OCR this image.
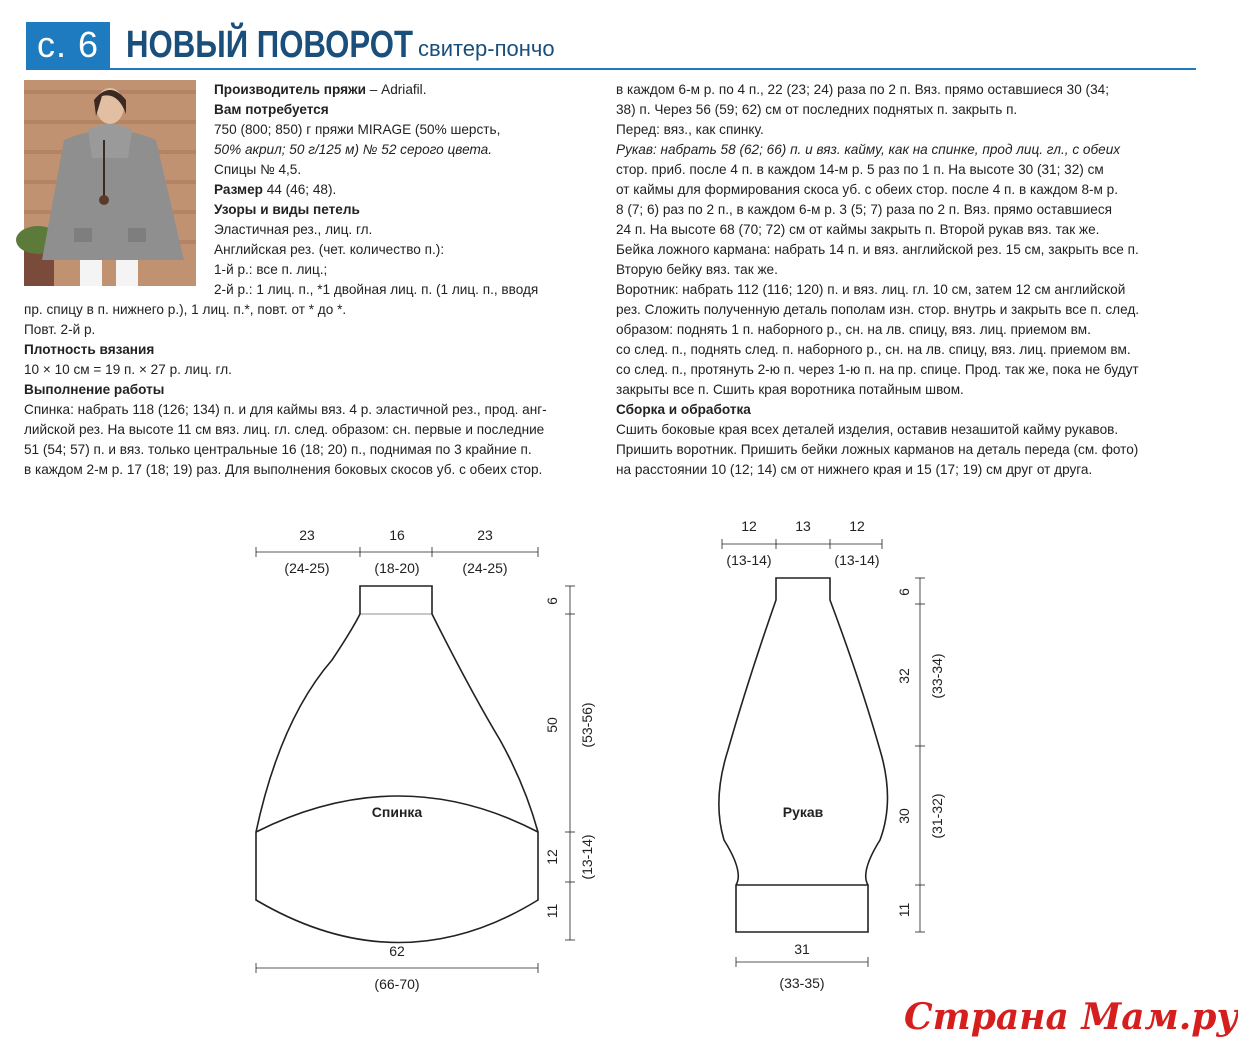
с. 6 НОВЫЙ ПОВОРОТ свитер-пончо
Производитель пряжи – Adriafil.
Вам потребуется
750 (800; 850) г пряжи MIRAGE (50% шерсть,
50% акрил; 50 г/125 м) № 52 серого цвета.
Спицы № 4,5.
Размер 44 (46; 48).
Узоры и виды петель
Эластичная рез., лиц. гл.
Английская рез. (чет. количество п.):
1-й р.: все п. лиц.;
2-й р.: 1 лиц. п., *1 двойная лиц. п. (1 лиц. п., вводя
пр. спицу в п. нижнего р.), 1 лиц. п.*, повт. от * до *.
Повт. 2-й р.
Плотность вязания
10 × 10 см = 19 п. × 27 р. лиц. гл.
Выполнение работы
Спинка: набрать 118 (126; 134) п. и для каймы вяз. 4 р. эластичной рез., прод. анг-
лийской рез. На высоте 11 см вяз. лиц. гл. след. образом: сн. первые и последние
51 (54; 57) п. и вяз. только центральные 16 (18; 20) п., поднимая по 3 крайние п.
в каждом 2-м р. 17 (18; 19) раз. Для выполнения боковых скосов уб. с обеих стор.
в каждом 6-м р. по 4 п., 22 (23; 24) раза по 2 п. Вяз. прямо оставшиеся 30 (34;
38) п. Через 56 (59; 62) см от последних поднятых п. закрыть п.
Перед: вяз., как спинку.
Рукав: набрать 58 (62; 66) п. и вяз. кайму, как на спинке, прод лиц. гл., с обеих
стор. приб. после 4 п. в каждом 14-м р. 5 раз по 1 п. На высоте 30 (31; 32) см
от каймы для формирования скоса уб. с обеих стор. после 4 п. в каждом 8-м р.
8 (7; 6) раз по 2 п., в каждом 6-м р. 3 (5; 7) раза по 2 п. Вяз. прямо оставшиеся
24 п. На высоте 68 (70; 72) см от каймы закрыть п. Второй рукав вяз. так же.
Бейка ложного кармана: набрать 14 п. и вяз. английской рез. 15 см, закрыть все п.
Вторую бейку вяз. так же.
Воротник: набрать 112 (116; 120) п. и вяз. лиц. гл. 10 см, затем 12 см английской
рез. Сложить полученную деталь пополам изн. стор. внутрь и закрыть все п. след.
образом: поднять 1 п. наборного р., сн. на лв. спицу, вяз. лиц. приемом вм.
со след. п., поднять след. п. наборного р., сн. на лв. спицу, вяз. лиц. приемом вм.
со след. п., протянуть 2-ю п. через 1-ю п. на пр. спице. Прод. так же, пока не будут
закрыты все п. Сшить края воротника потайным швом.
Сборка и обработка
Сшить боковые края всех деталей изделия, оставив незашитой кайму рукавов.
Пришить воротник. Пришить бейки ложных карманов на деталь переда (см. фото)
на расстоянии 10 (12; 14) см от нижнего края и 15 (17; 19) см друг от друга.
Спинка
23	16	23
(24-25)	(18-20)	(24-25)
6
50 (53-56)
12 (13-14)
11
62
(66-70)
Рукав
12	13	12
(13-14)	(13-14)
6
32 (33-34)
30 (31-32)
11
31
(33-35)
Страна Мам.ру
